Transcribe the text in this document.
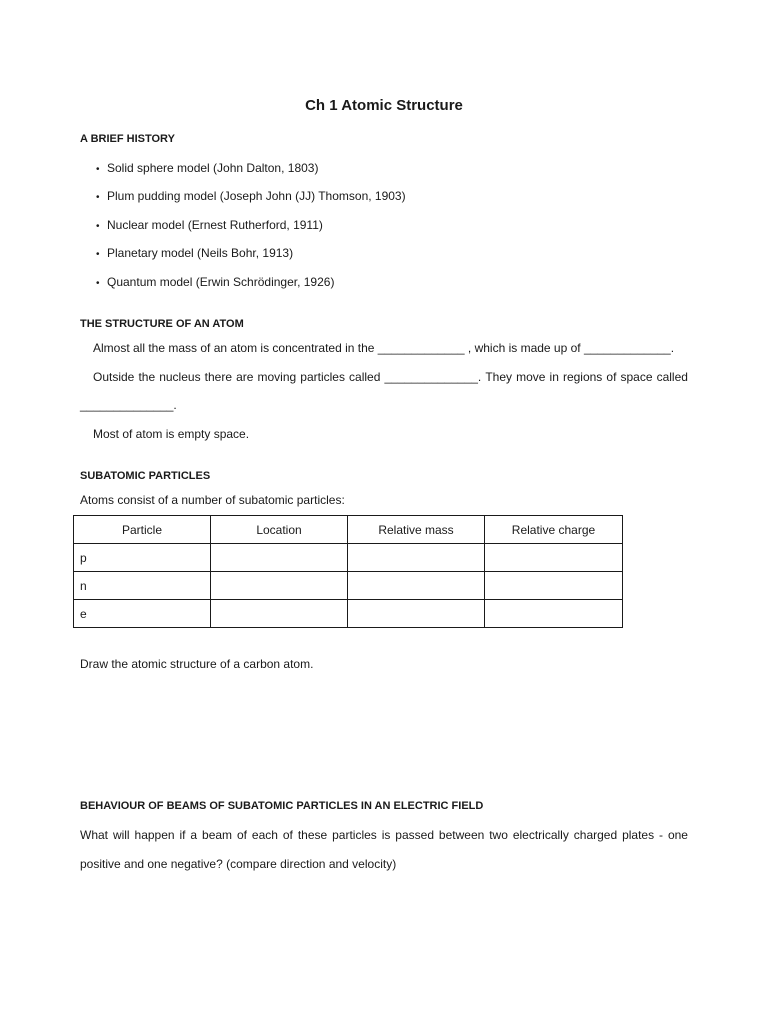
Ch 1 Atomic Structure
A BRIEF HISTORY
• Solid sphere model (John Dalton, 1803)
• Plum pudding model (Joseph John (JJ) Thomson, 1903)
• Nuclear model (Ernest Rutherford, 1911)
• Planetary model (Neils Bohr, 1913)
• Quantum model (Erwin Schrödinger, 1926)
THE STRUCTURE OF AN ATOM
Almost all the mass of an atom is concentrated in the _____________ , which is made up of _____________.
Outside the nucleus there are moving particles called ______________. They move in regions of space called
______________.
Most of atom is empty space.
SUBATOMIC PARTICLES
Atoms consist of a number of subatomic particles:
Particle	Location	Relative mass	Relative charge
p			
n			
e			
Draw the atomic structure of a carbon atom.
BEHAVIOUR OF BEAMS OF SUBATOMIC PARTICLES IN AN ELECTRIC FIELD
What will happen if a beam of each of these particles is passed between two electrically charged plates - one
positive and one negative? (compare direction and velocity)
